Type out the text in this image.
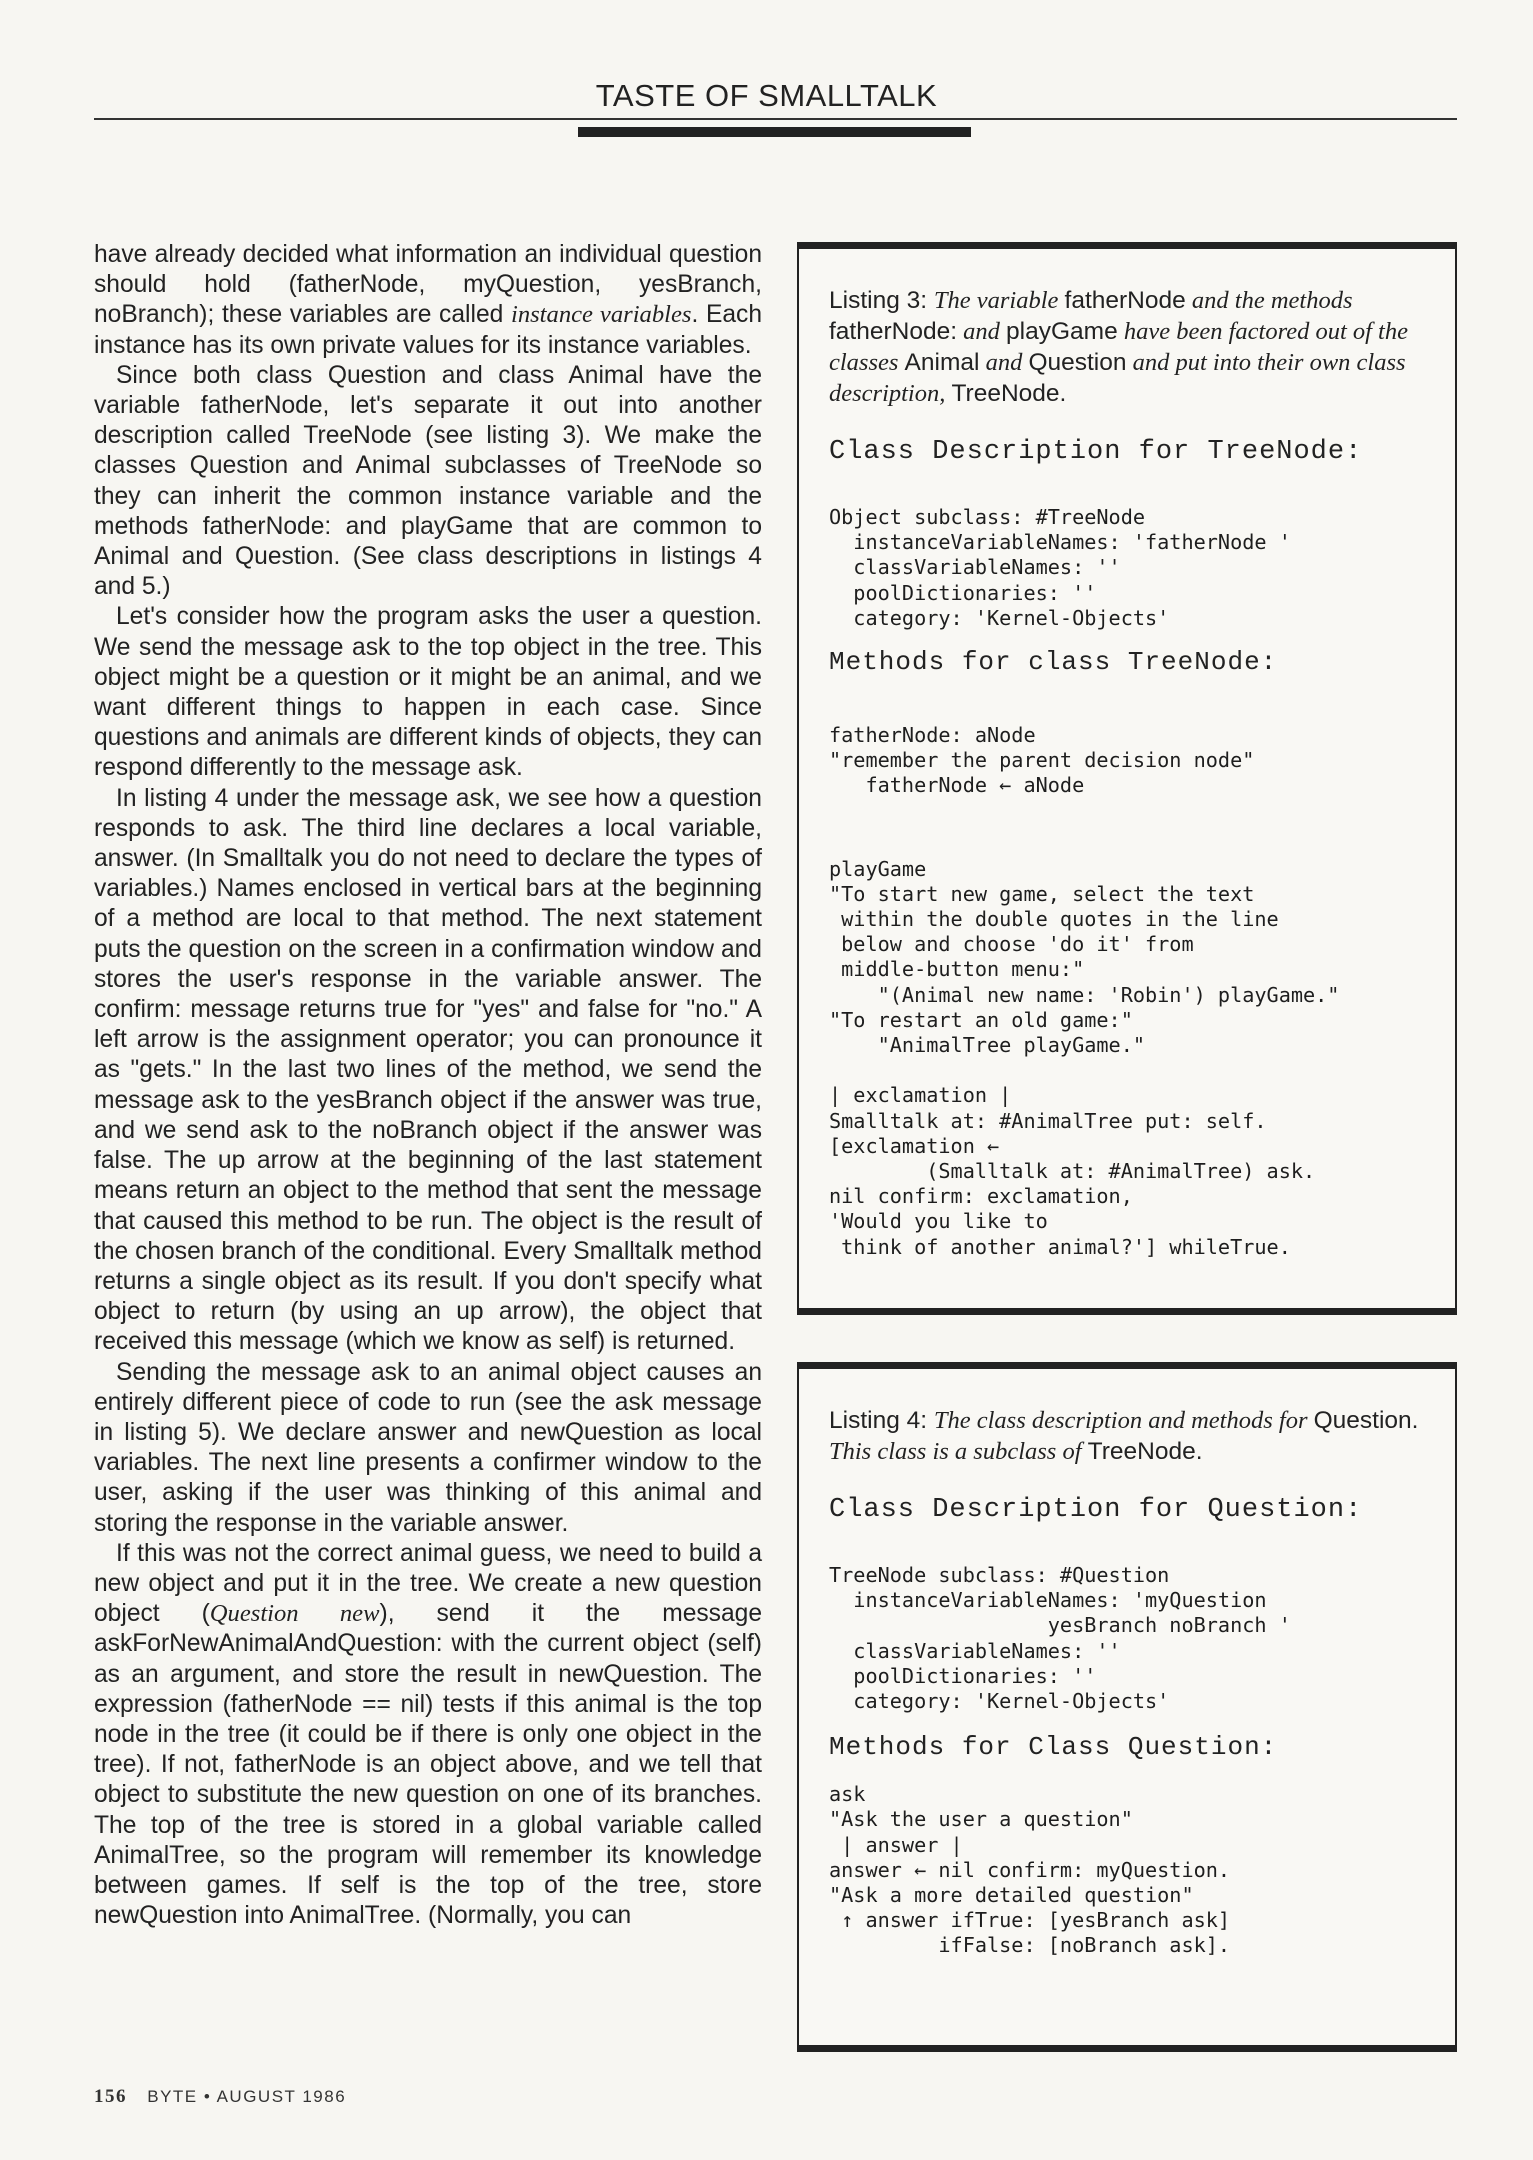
TASTE OF SMALLTALK

have already decided what information an individual question should hold (fatherNode, myQuestion, yesBranch, noBranch); these variables are called instance variables. Each instance has its own private values for its instance variables.

Since both class Question and class Animal have the variable fatherNode, let's separate it out into another description called TreeNode (see listing 3). We make the classes Question and Animal subclasses of TreeNode so they can inherit the common instance variable and the methods fatherNode: and playGame that are common to Animal and Question. (See class descriptions in listings 4 and 5.)

Let's consider how the program asks the user a question. We send the message ask to the top object in the tree. This object might be a question or it might be an animal, and we want different things to happen in each case. Since questions and animals are different kinds of objects, they can respond differently to the message ask.

In listing 4 under the message ask, we see how a question responds to ask. The third line declares a local variable, answer. (In Smalltalk you do not need to declare the types of variables.) Names enclosed in vertical bars at the beginning of a method are local to that method. The next statement puts the question on the screen in a confirmation window and stores the user's response in the variable answer. The confirm: message returns true for "yes" and false for "no." A left arrow is the assignment operator; you can pronounce it as "gets." In the last two lines of the method, we send the message ask to the yesBranch object if the answer was true, and we send ask to the noBranch object if the answer was false. The up arrow at the beginning of the last statement means return an object to the method that sent the message that caused this method to be run. The object is the result of the chosen branch of the conditional. Every Smalltalk method returns a single object as its result. If you don't specify what object to return (by using an up arrow), the object that received this message (which we know as self) is returned.

Sending the message ask to an animal object causes an entirely different piece of code to run (see the ask message in listing 5). We declare answer and newQuestion as local variables. The next line presents a confirmer window to the user, asking if the user was thinking of this animal and storing the response in the variable answer.

If this was not the correct animal guess, we need to build a new object and put it in the tree. We create a new question object (Question new), send it the message askForNewAnimalAndQuestion: with the current object (self) as an argument, and store the result in newQuestion. The expression (fatherNode == nil) tests if this animal is the top node in the tree (it could be if there is only one object in the tree). If not, fatherNode is an object above, and we tell that object to substitute the new question on one of its branches. The top of the tree is stored in a global variable called AnimalTree, so the program will remember its knowledge between games. If self is the top of the tree, store newQuestion into AnimalTree. (Normally, you can

Listing 3: The variable fatherNode and the methods fatherNode: and playGame have been factored out of the classes Animal and Question and put into their own class description, TreeNode.
Class Description for TreeNode:
Object subclass: #TreeNode
instanceVariableNames: 'fatherNode '
classVariableNames: ''
poolDictionaries: ''
category: 'Kernel-Objects'
Methods for class TreeNode:
fatherNode: aNode
"remember the parent decision node"
fatherNode ← aNode
playGame
"To start new game, select the text
within the double quotes in the line
below and choose 'do it' from
middle-button menu:"
"(Animal new name: 'Robin') playGame."
"To restart an old game:"
"AnimalTree playGame."

| exclamation |
Smalltalk at: #AnimalTree put: self.
[exclamation ←
(Smalltalk at: #AnimalTree) ask.
nil confirm: exclamation,
'Would you like to
think of another animal?'] whileTrue.
Listing 4: The class description and methods for Question. This class is a subclass of TreeNode.
Class Description for Question:
TreeNode subclass: #Question
instanceVariableNames: 'myQuestion
yesBranch noBranch '
classVariableNames: ''
poolDictionaries: ''
category: 'Kernel-Objects'
Methods for Class Question:
ask
"Ask the user a question"
| answer |
answer ← nil confirm: myQuestion.
"Ask a more detailed question"
↑ answer ifTrue: [yesBranch ask]
ifFalse: [noBranch ask].
156 BYTE • AUGUST 1986
